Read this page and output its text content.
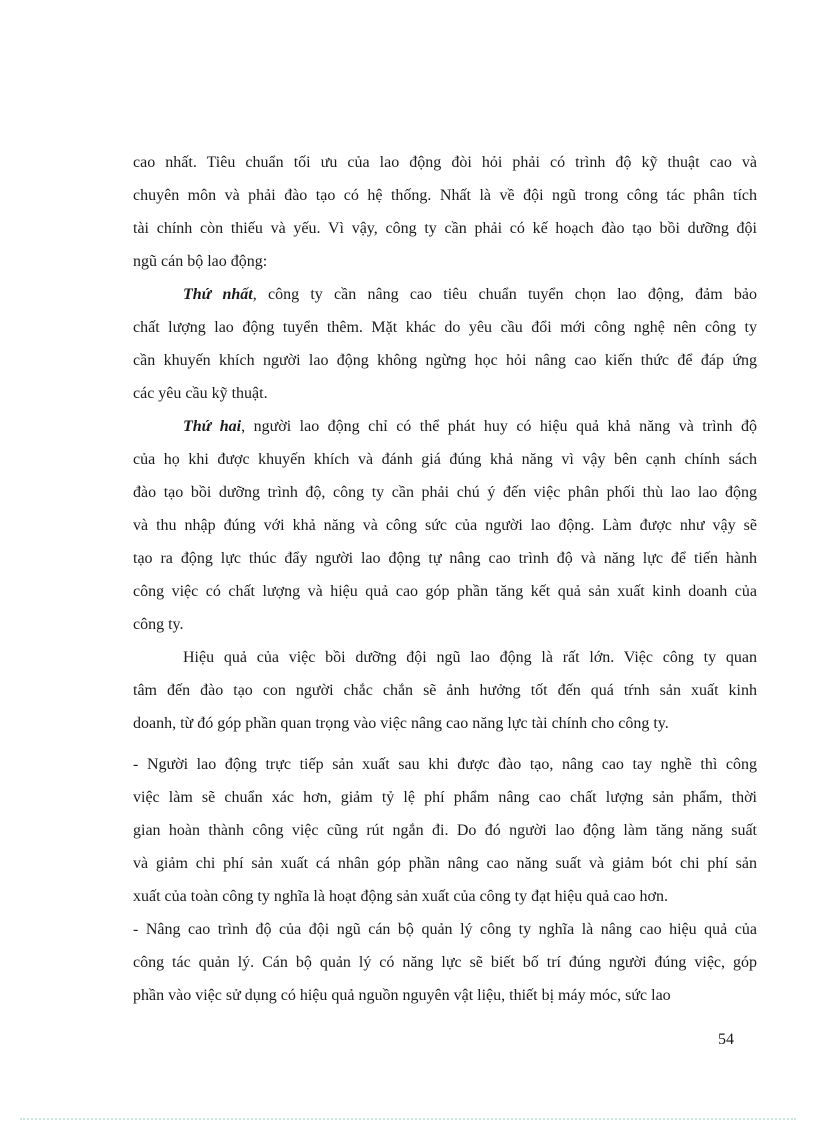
cao nhất. Tiêu chuẩn tối ưu của lao động đòi hỏi phải có trình độ kỹ thuật cao và
chuyên môn và phải đào tạo có hệ thống. Nhất là về đội ngũ trong công tác phân tích
tài chính còn thiếu và yếu. Vì vậy, công ty cần phải có kế hoạch đào tạo bồi dưỡng đội
ngũ cán bộ lao động:
Thứ nhất, công ty cần nâng cao tiêu chuẩn tuyển chọn lao động, đảm bảo
chất lượng lao động tuyển thêm. Mặt khác do yêu cầu đổi mới công nghệ nên công ty
cần khuyến khích người lao động không ngừng học hỏi nâng cao kiến thức để đáp ứng
các yêu cầu kỹ thuật.
Thứ hai, người lao động chỉ có thể phát huy có hiệu quả khả năng và trình độ
của họ khi được khuyến khích và đánh giá đúng khả năng vì vậy bên cạnh chính sách
đào tạo bồi dưỡng trình độ, công ty cần phải chú ý đến việc phân phối thù lao lao động
và thu nhập đúng với khả năng và công sức của người lao động. Làm được như vậy sẽ
tạo ra động lực thúc đẩy người lao động tự nâng cao trình độ và năng lực để tiến hành
công việc có chất lượng và hiệu quả cao góp phần tăng kết quả sản xuất kinh doanh của
công ty.
Hiệu quả của việc bồi dưỡng đội ngũ lao động là rất lớn. Việc công ty quan
tâm đến đào tạo con người chắc chắn sẽ ảnh hưởng tốt đến quá tŕnh sản xuất kinh
doanh, từ đó góp phần quan trọng vào việc nâng cao năng lực tài chính cho công ty.
- Người lao động trực tiếp sản xuất sau khi được đào tạo, nâng cao tay nghề thì công
việc làm sẽ chuẩn xác hơn, giảm tỷ lệ phí phẩm nâng cao chất lượng sản phẩm, thời
gian hoàn thành công việc cũng rút ngắn đi. Do đó người lao động làm tăng năng suất
và giảm chi phí sản xuất cá nhân góp phần nâng cao năng suất và giảm bót chi phí sản
xuất của toàn công ty nghĩa là hoạt động sản xuất của công ty đạt hiệu quả cao hơn.
- Nâng cao trình độ của đội ngũ cán bộ quản lý công ty nghĩa là nâng cao hiệu quả của
công tác quản lý. Cán bộ quản lý có năng lực sẽ biết bố trí đúng người đúng việc, góp
phần vào việc sử dụng có hiệu quả nguồn nguyên vật liệu, thiết bị máy móc, sức lao
54
